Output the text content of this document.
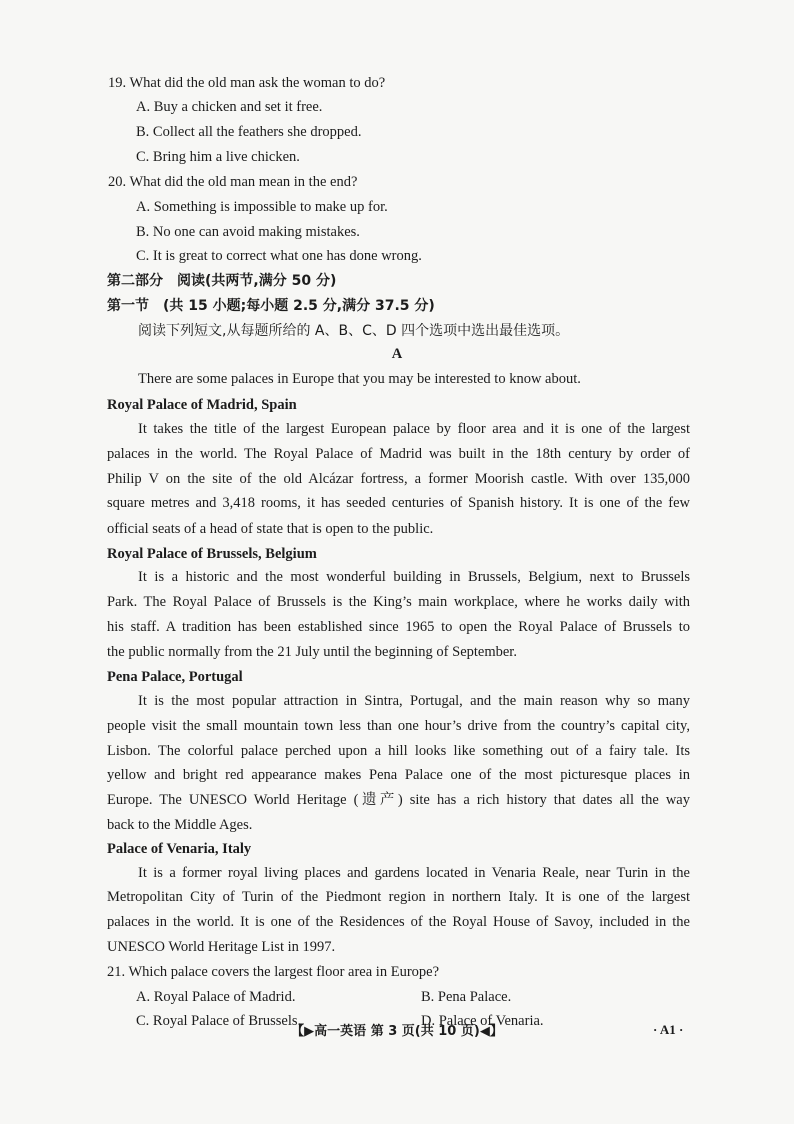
19. What did the old man ask the woman to do?
A. Buy a chicken and set it free.
B. Collect all the feathers she dropped.
C. Bring him a live chicken.
20. What did the old man mean in the end?
A. Something is impossible to make up for.
B. No one can avoid making mistakes.
C. It is great to correct what one has done wrong.
第二部分　阅读(共两节,满分 50 分)
第一节　(共 15 小题;每小题 2.5 分,满分 37.5 分)
阅读下列短文,从每题所给的 A、B、C、D 四个选项中选出最佳选项。
A
There are some palaces in Europe that you may be interested to know about.
Royal Palace of Madrid, Spain
It takes the title of the largest European palace by floor area and it is one of the largest
palaces in the world. The Royal Palace of Madrid was built in the 18th century by order of
Philip V on the site of the old Alcázar fortress, a former Moorish castle. With over 135,000
square metres and 3,418 rooms, it has seeded centuries of Spanish history. It is one of the few
official seats of a head of state that is open to the public.
Royal Palace of Brussels, Belgium
It is a historic and the most wonderful building in Brussels, Belgium, next to Brussels
Park. The Royal Palace of Brussels is the King’s main workplace, where he works daily with
his staff. A tradition has been established since 1965 to open the Royal Palace of Brussels to
the public normally from the 21 July until the beginning of September.
Pena Palace, Portugal
It is the most popular attraction in Sintra, Portugal, and the main reason why so many
people visit the small mountain town less than one hour’s drive from the country’s capital city,
Lisbon. The colorful palace perched upon a hill looks like something out of a fairy tale. Its
yellow and bright red appearance makes Pena Palace one of the most picturesque places in
Europe. The UNESCO World Heritage (遗产) site has a rich history that dates all the way
back to the Middle Ages.
Palace of Venaria, Italy
It is a former royal living places and gardens located in Venaria Reale, near Turin in the
Metropolitan City of Turin of the Piedmont region in northern Italy. It is one of the largest
palaces in the world. It is one of the Residences of the Royal House of Savoy, included in the
UNESCO World Heritage List in 1997.
21. Which palace covers the largest floor area in Europe?
A. Royal Palace of Madrid.	B. Pena Palace.
C. Royal Palace of Brussels.	D. Palace of Venaria.
【▶高一英语 第 3 页(共 10 页)◀】	· A1 ·
